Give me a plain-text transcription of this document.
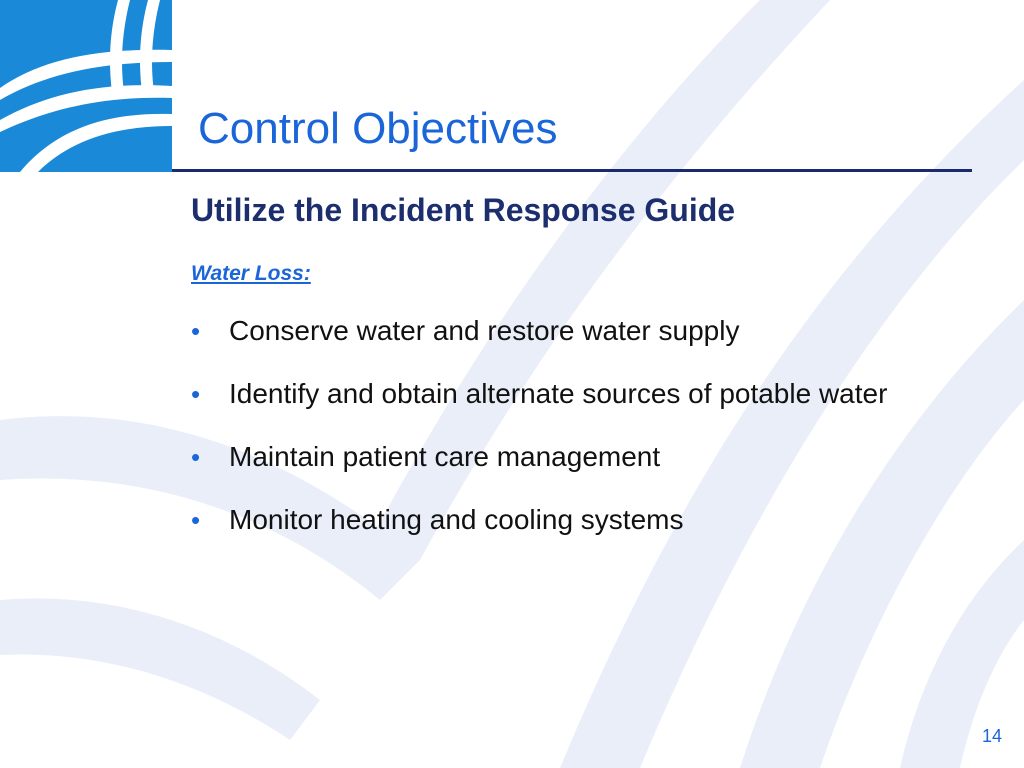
Control Objectives
Utilize the Incident Response Guide
Water Loss:
• Conserve water and restore water supply
• Identify and obtain alternate sources of potable water
• Maintain patient care management
• Monitor heating and cooling systems
14
